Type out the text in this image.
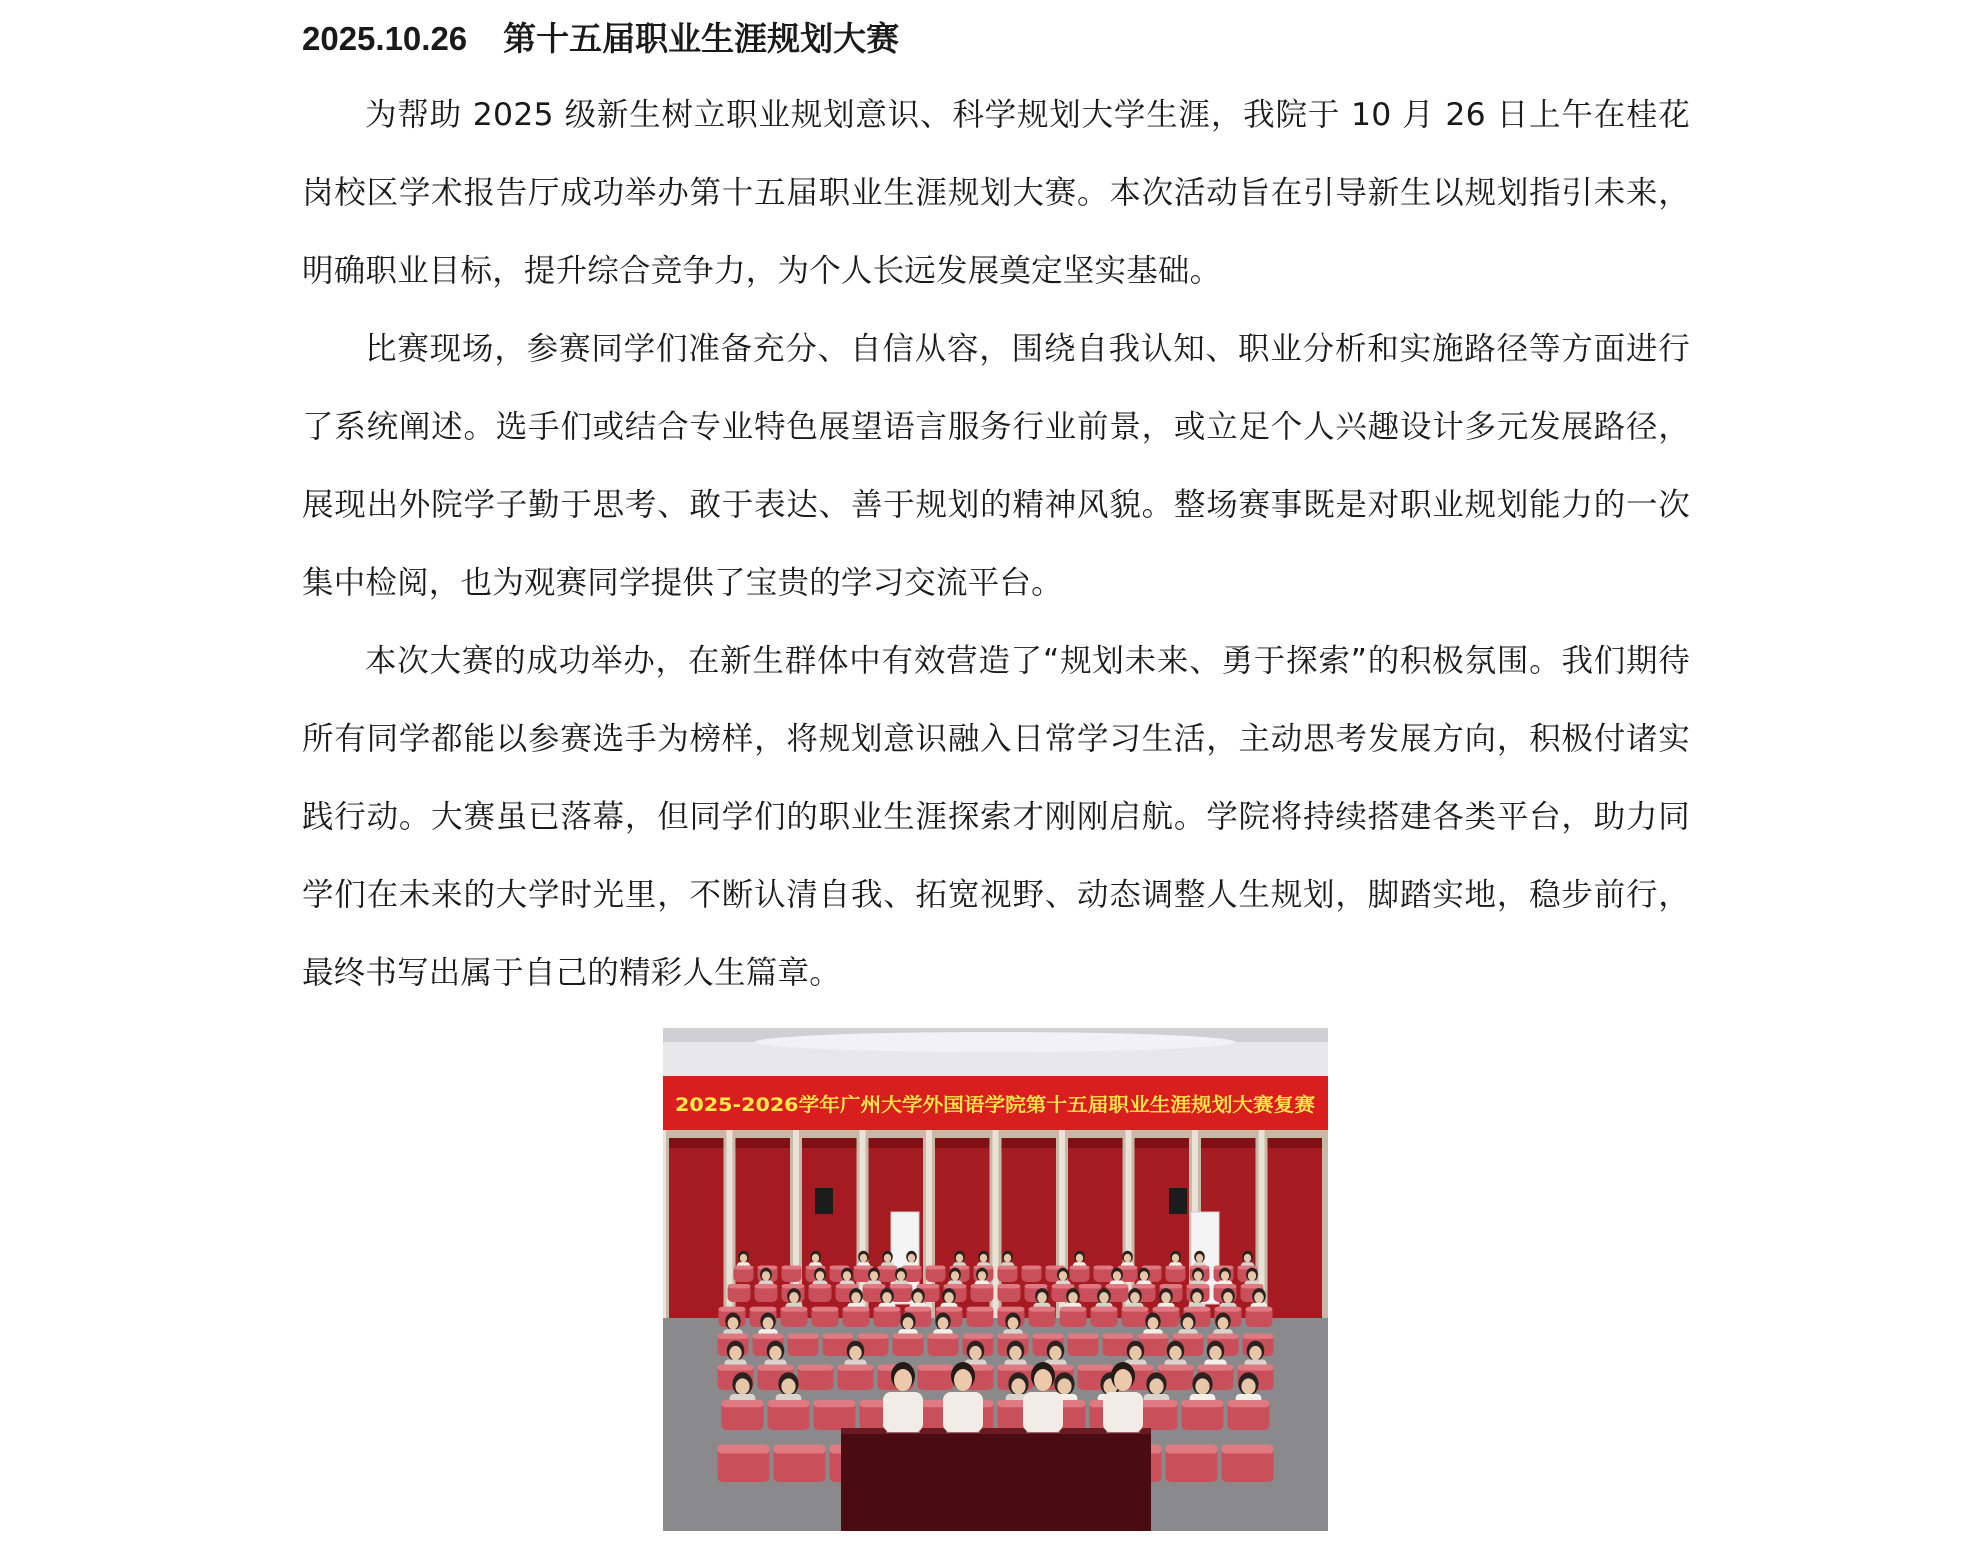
2025.10.26 第十五届职业生涯规划大赛

为帮助 2025 级新生树立职业规划意识、科学规划大学生涯，我院于 10 月 26 日上午在桂花岗校区学术报告厅成功举办第十五届职业生涯规划大赛。本次活动旨在引导新生以规划指引未来，明确职业目标，提升综合竞争力，为个人长远发展奠定坚实基础。

比赛现场，参赛同学们准备充分、自信从容，围绕自我认知、职业分析和实施路径等方面进行了系统阐述。选手们或结合专业特色展望语言服务行业前景，或立足个人兴趣设计多元发展路径，展现出外院学子勤于思考、敢于表达、善于规划的精神风貌。整场赛事既是对职业规划能力的一次集中检阅，也为观赛同学提供了宝贵的学习交流平台。

本次大赛的成功举办，在新生群体中有效营造了“规划未来、勇于探索”的积极氛围。我们期待所有同学都能以参赛选手为榜样，将规划意识融入日常学习生活，主动思考发展方向，积极付诸实践行动。大赛虽已落幕，但同学们的职业生涯探索才刚刚启航。学院将持续搭建各类平台，助力同学们在未来的大学时光里，不断认清自我、拓宽视野、动态调整人生规划，脚踏实地，稳步前行，最终书写出属于自己的精彩人生篇章。

2025-2026学年广州大学外国语学院第十五届职业生涯规划大赛复赛
